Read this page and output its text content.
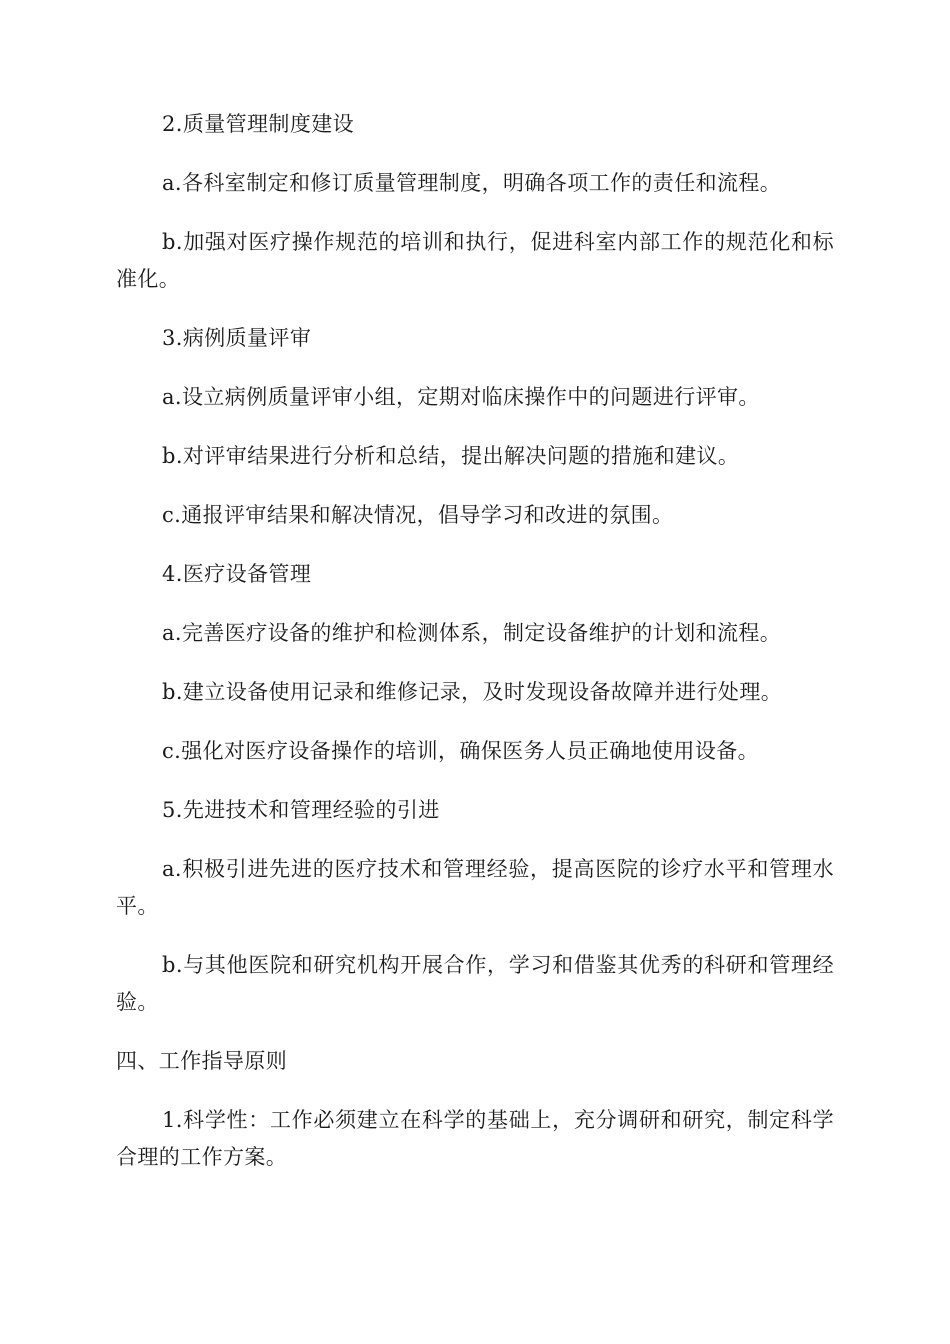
2.质量管理制度建设

a.各科室制定和修订质量管理制度，明确各项工作的责任和流程。

b.加强对医疗操作规范的培训和执行，促进科室内部工作的规范化和标准化。

3.病例质量评审

a.设立病例质量评审小组，定期对临床操作中的问题进行评审。

b.对评审结果进行分析和总结，提出解决问题的措施和建议。

c.通报评审结果和解决情况，倡导学习和改进的氛围。

4.医疗设备管理

a.完善医疗设备的维护和检测体系，制定设备维护的计划和流程。

b.建立设备使用记录和维修记录，及时发现设备故障并进行处理。

c.强化对医疗设备操作的培训，确保医务人员正确地使用设备。

5.先进技术和管理经验的引进

a.积极引进先进的医疗技术和管理经验，提高医院的诊疗水平和管理水平。

b.与其他医院和研究机构开展合作，学习和借鉴其优秀的科研和管理经验。

四、工作指导原则

1.科学性：工作必须建立在科学的基础上，充分调研和研究，制定科学合理的工作方案。
